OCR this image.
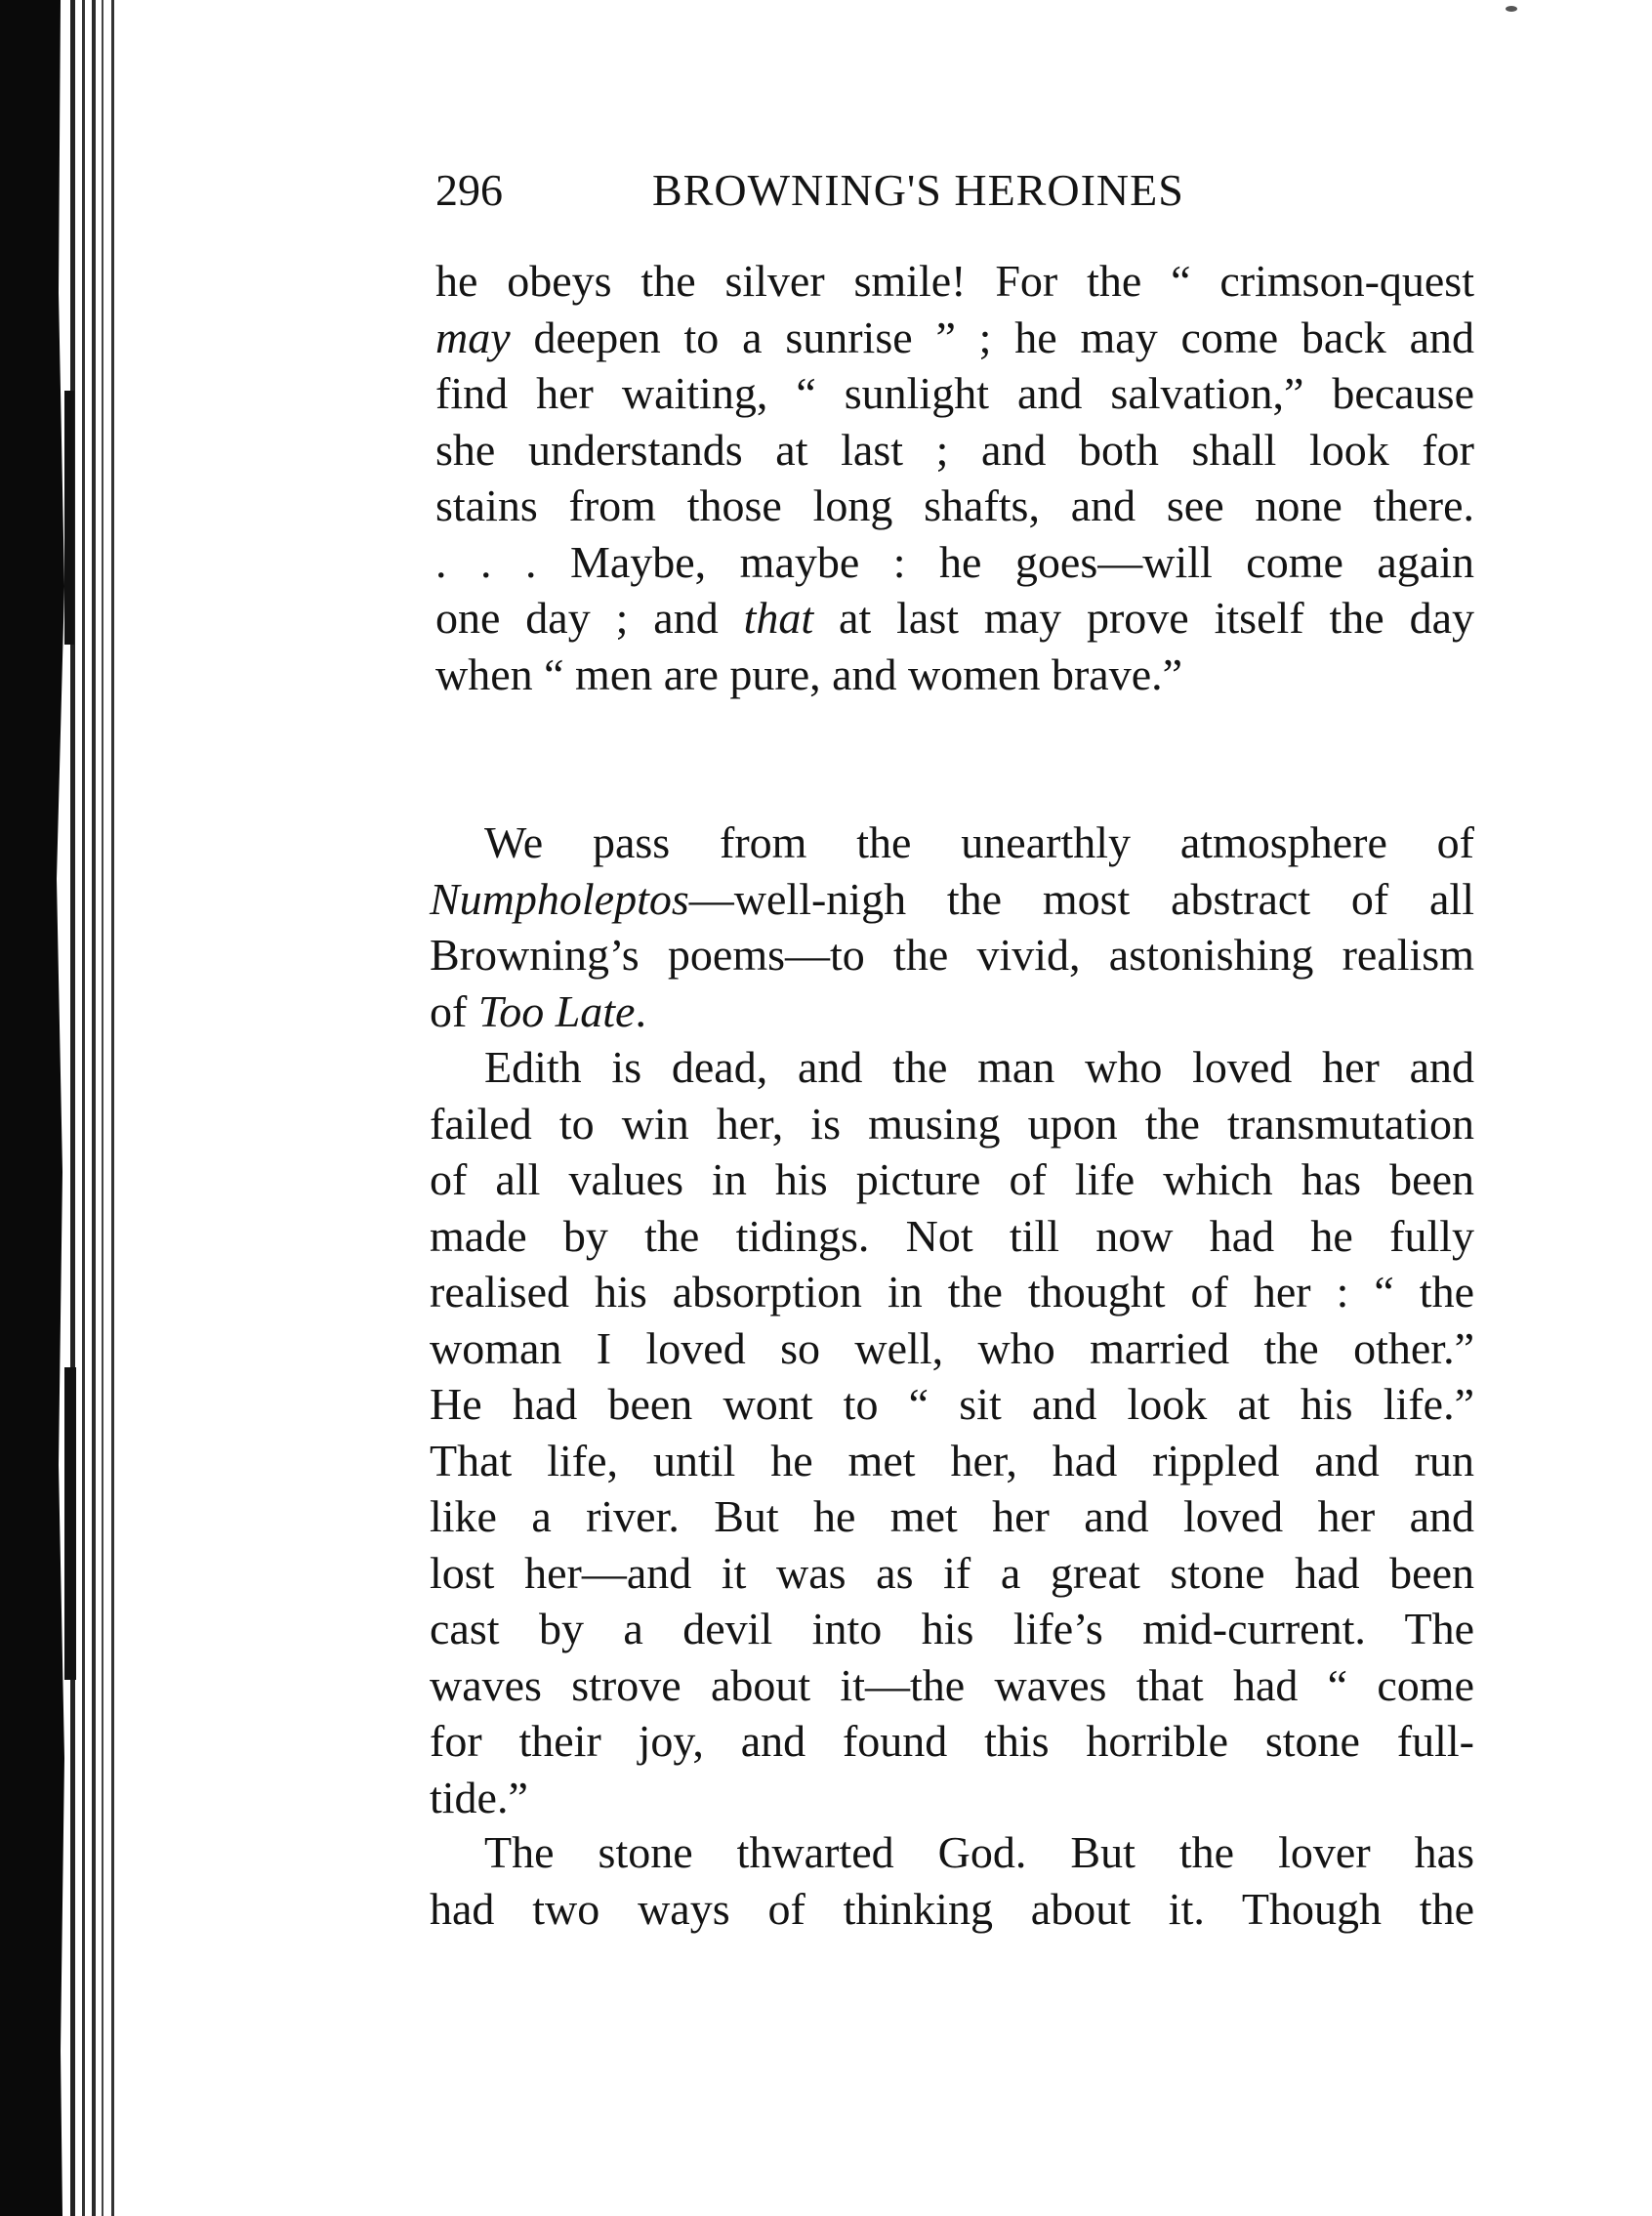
296	BROWNING'S HEROINES
he obeys the silver smile! For the “ crimson-quest
may deepen to a sunrise ” ; he may come back and
find her waiting, “ sunlight and salvation,” because
she understands at last ; and both shall look for
stains from those long shafts, and see none there.
. . . Maybe, maybe : he goes—will come again
one day ; and that at last may prove itself the day
when “ men are pure, and women brave.”
We pass from the unearthly atmosphere of
Numpholeptos—well-nigh the most abstract of all
Browning’s poems—to the vivid, astonishing realism
of Too Late.
Edith is dead, and the man who loved her and
failed to win her, is musing upon the transmutation
of all values in his picture of life which has been
made by the tidings. Not till now had he fully
realised his absorption in the thought of her : “ the
woman I loved so well, who married the other.”
He had been wont to “ sit and look at his life.”
That life, until he met her, had rippled and run
like a river. But he met her and loved her and
lost her—and it was as if a great stone had been
cast by a devil into his life’s mid-current. The
waves strove about it—the waves that had “ come
for their joy, and found this horrible stone full-
tide.”
The stone thwarted God. But the lover has
had two ways of thinking about it. Though the
